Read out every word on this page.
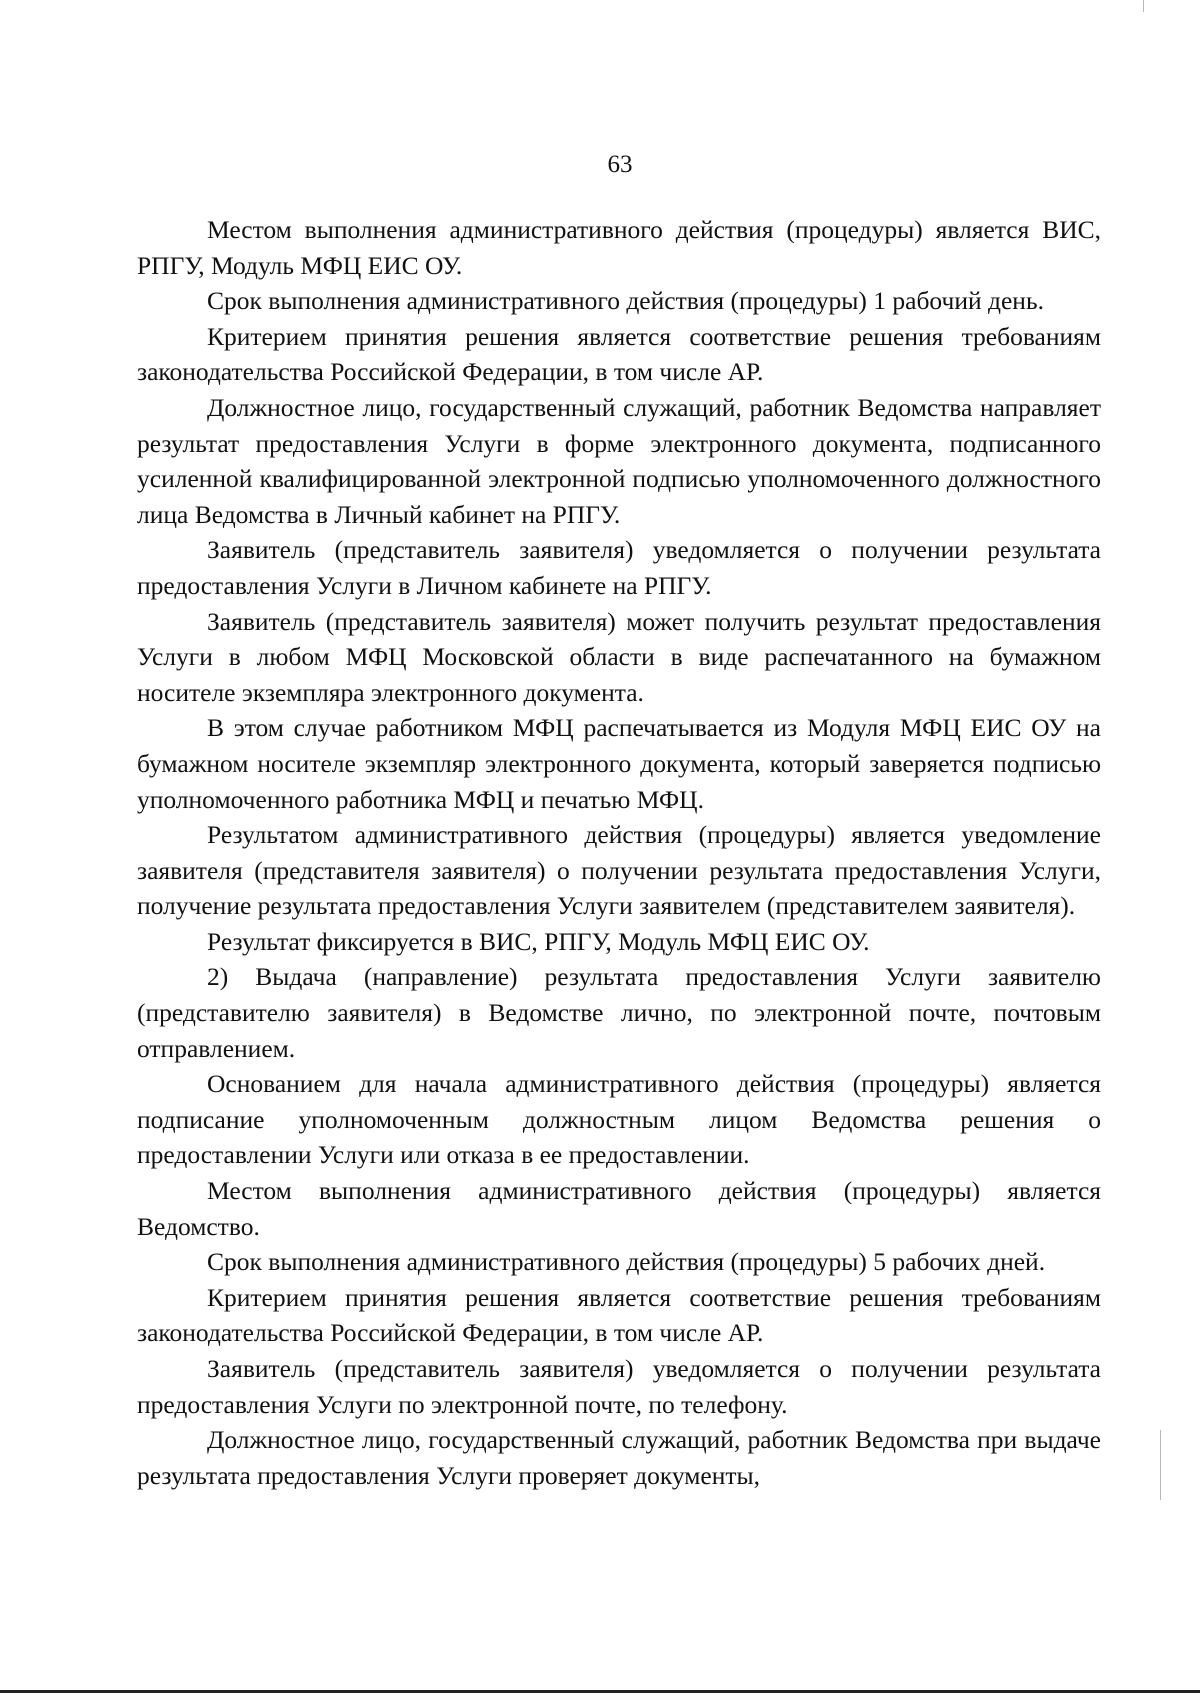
63

Местом выполнения административного действия (процедуры) является ВИС, РПГУ, Модуль МФЦ ЕИС ОУ.

Срок выполнения административного действия (процедуры) 1 рабочий день.

Критерием принятия решения является соответствие решения требованиям законодательства Российской Федерации, в том числе АР.

Должностное лицо, государственный служащий, работник Ведомства направляет результат предоставления Услуги в форме электронного документа, подписанного усиленной квалифицированной электронной подписью уполномоченного должностного лица Ведомства в Личный кабинет на РПГУ.

Заявитель (представитель заявителя) уведомляется о получении результата предоставления Услуги в Личном кабинете на РПГУ.

Заявитель (представитель заявителя) может получить результат предоставления Услуги в любом МФЦ Московской области в виде распечатанного на бумажном носителе экземпляра электронного документа.

В этом случае работником МФЦ распечатывается из Модуля МФЦ ЕИС ОУ на бумажном носителе экземпляр электронного документа, который заверяется подписью уполномоченного работника МФЦ и печатью МФЦ.

Результатом административного действия (процедуры) является уведомление заявителя (представителя заявителя) о получении результата предоставления Услуги, получение результата предоставления Услуги заявителем (представителем заявителя).

Результат фиксируется в ВИС, РПГУ, Модуль МФЦ ЕИС ОУ.

2) Выдача (направление) результата предоставления Услуги заявителю (представителю заявителя) в Ведомстве лично, по электронной почте, почтовым отправлением.

Основанием для начала административного действия (процедуры) является подписание уполномоченным должностным лицом Ведомства решения о предоставлении Услуги или отказа в ее предоставлении.

Местом выполнения административного действия (процедуры) является Ведомство.

Срок выполнения административного действия (процедуры) 5 рабочих дней.

Критерием принятия решения является соответствие решения требованиям законодательства Российской Федерации, в том числе АР.

Заявитель (представитель заявителя) уведомляется о получении результата предоставления Услуги по электронной почте, по телефону.

Должностное лицо, государственный служащий, работник Ведомства при выдаче результата предоставления Услуги проверяет документы,
